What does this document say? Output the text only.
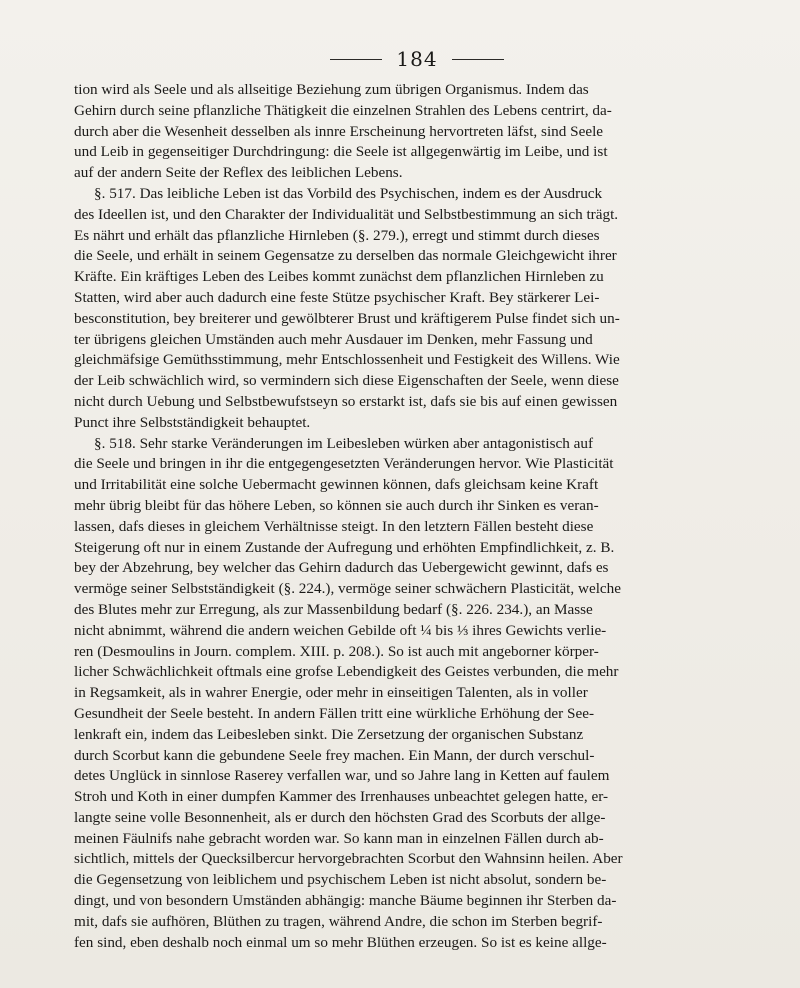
184
tion wird als Seele und als allseitige Beziehung zum übrigen Organismus. Indem das
Gehirn durch seine pflanzliche Thätigkeit die einzelnen Strahlen des Lebens centrirt, da-
durch aber die Wesenheit desselben als innre Erscheinung hervortreten läfst, sind Seele
und Leib in gegenseitiger Durchdringung: die Seele ist allgegenwärtig im Leibe, und ist
auf der andern Seite der Reflex des leiblichen Lebens.
§. 517. Das leibliche Leben ist das Vorbild des Psychischen, indem es der Ausdruck
des Ideellen ist, und den Charakter der Individualität und Selbstbestimmung an sich trägt.
Es nährt und erhält das pflanzliche Hirnleben (§. 279.), erregt und stimmt durch dieses
die Seele, und erhält in seinem Gegensatze zu derselben das normale Gleichgewicht ihrer
Kräfte. Ein kräftiges Leben des Leibes kommt zunächst dem pflanzlichen Hirnleben zu
Statten, wird aber auch dadurch eine feste Stütze psychischer Kraft. Bey stärkerer Lei-
besconstitution, bey breiterer und gewölbterer Brust und kräftigerem Pulse findet sich un-
ter übrigens gleichen Umständen auch mehr Ausdauer im Denken, mehr Fassung und
gleichmäfsige Gemüthsstimmung, mehr Entschlossenheit und Festigkeit des Willens. Wie
der Leib schwächlich wird, so vermindern sich diese Eigenschaften der Seele, wenn diese
nicht durch Uebung und Selbstbewufstseyn so erstarkt ist, dafs sie bis auf einen gewissen
Punct ihre Selbstständigkeit behauptet.
§. 518. Sehr starke Veränderungen im Leibesleben würken aber antagonistisch auf
die Seele und bringen in ihr die entgegengesetzten Veränderungen hervor. Wie Plasticität
und Irritabilität eine solche Uebermacht gewinnen können, dafs gleichsam keine Kraft
mehr übrig bleibt für das höhere Leben, so können sie auch durch ihr Sinken es veran-
lassen, dafs dieses in gleichem Verhältnisse steigt. In den letztern Fällen besteht diese
Steigerung oft nur in einem Zustande der Aufregung und erhöhten Empfindlichkeit, z. B.
bey der Abzehrung, bey welcher das Gehirn dadurch das Uebergewicht gewinnt, dafs es
vermöge seiner Selbstständigkeit (§. 224.), vermöge seiner schwächern Plasticität, welche
des Blutes mehr zur Erregung, als zur Massenbildung bedarf (§. 226. 234.), an Masse
nicht abnimmt, während die andern weichen Gebilde oft ¼ bis ⅓ ihres Gewichts verlie-
ren (Desmoulins in Journ. complem. XIII. p. 208.). So ist auch mit angeborner körper-
licher Schwächlichkeit oftmals eine grofse Lebendigkeit des Geistes verbunden, die mehr
in Regsamkeit, als in wahrer Energie, oder mehr in einseitigen Talenten, als in voller
Gesundheit der Seele besteht. In andern Fällen tritt eine würkliche Erhöhung der See-
lenkraft ein, indem das Leibesleben sinkt. Die Zersetzung der organischen Substanz
durch Scorbut kann die gebundene Seele frey machen. Ein Mann, der durch verschul-
detes Unglück in sinnlose Raserey verfallen war, und so Jahre lang in Ketten auf faulem
Stroh und Koth in einer dumpfen Kammer des Irrenhauses unbeachtet gelegen hatte, er-
langte seine volle Besonnenheit, als er durch den höchsten Grad des Scorbuts der allge-
meinen Fäulnifs nahe gebracht worden war. So kann man in einzelnen Fällen durch ab-
sichtlich, mittels der Quecksilbercur hervorgebrachten Scorbut den Wahnsinn heilen. Aber
die Gegensetzung von leiblichem und psychischem Leben ist nicht absolut, sondern be-
dingt, und von besondern Umständen abhängig: manche Bäume beginnen ihr Sterben da-
mit, dafs sie aufhören, Blüthen zu tragen, während Andre, die schon im Sterben begrif-
fen sind, eben deshalb noch einmal um so mehr Blüthen erzeugen. So ist es keine allge-
